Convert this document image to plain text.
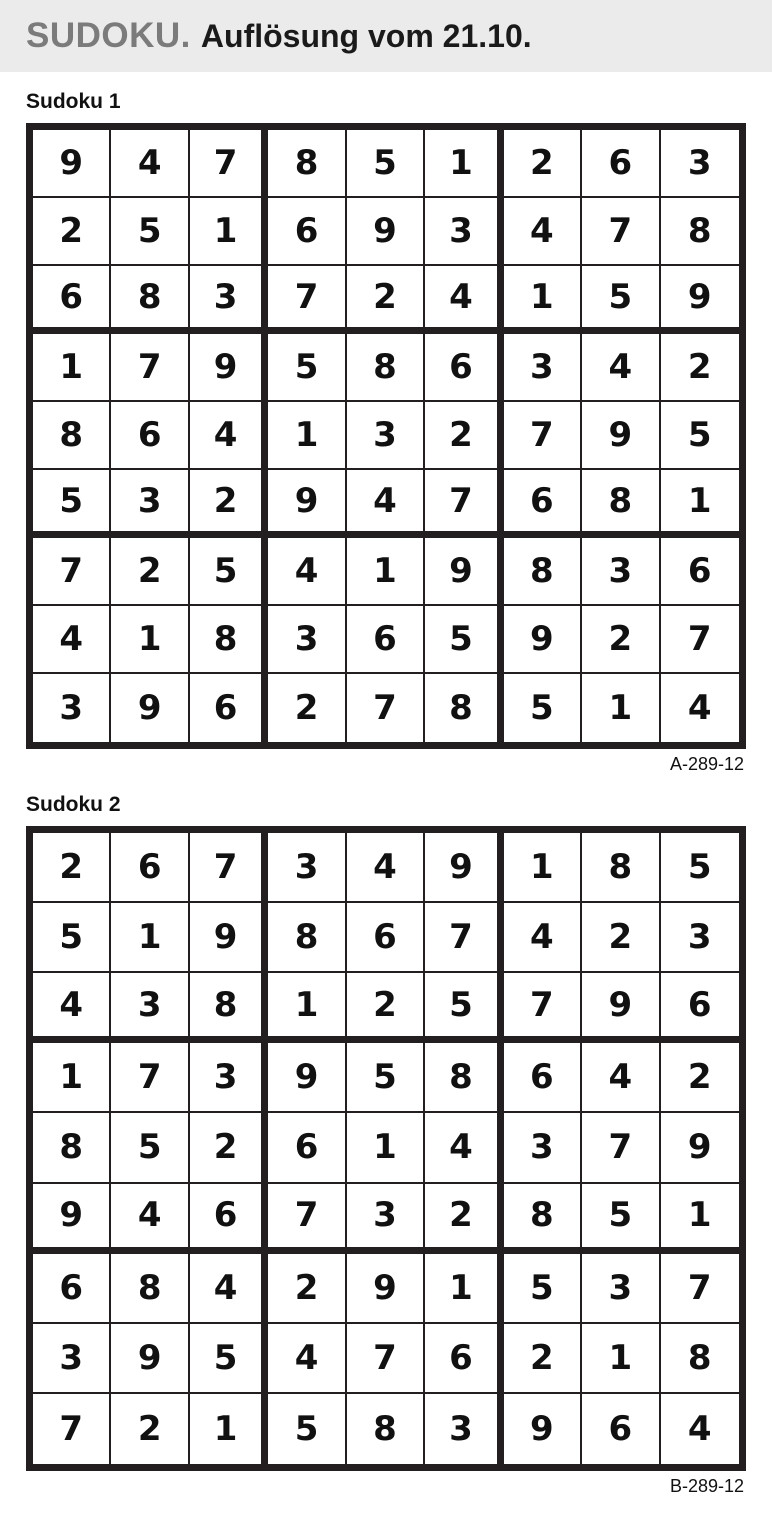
SUDOKU. Auflösung vom 21.10.
Sudoku 1
9	4	7	8	5	1	2	6	3
2	5	1	6	9	3	4	7	8
6	8	3	7	2	4	1	5	9
1	7	9	5	8	6	3	4	2
8	6	4	1	3	2	7	9	5
5	3	2	9	4	7	6	8	1
7	2	5	4	1	9	8	3	6
4	1	8	3	6	5	9	2	7
3	9	6	2	7	8	5	1	4
A-289-12
Sudoku 2
2	6	7	3	4	9	1	8	5
5	1	9	8	6	7	4	2	3
4	3	8	1	2	5	7	9	6
1	7	3	9	5	8	6	4	2
8	5	2	6	1	4	3	7	9
9	4	6	7	3	2	8	5	1
6	8	4	2	9	1	5	3	7
3	9	5	4	7	6	2	1	8
7	2	1	5	8	3	9	6	4
B-289-12
